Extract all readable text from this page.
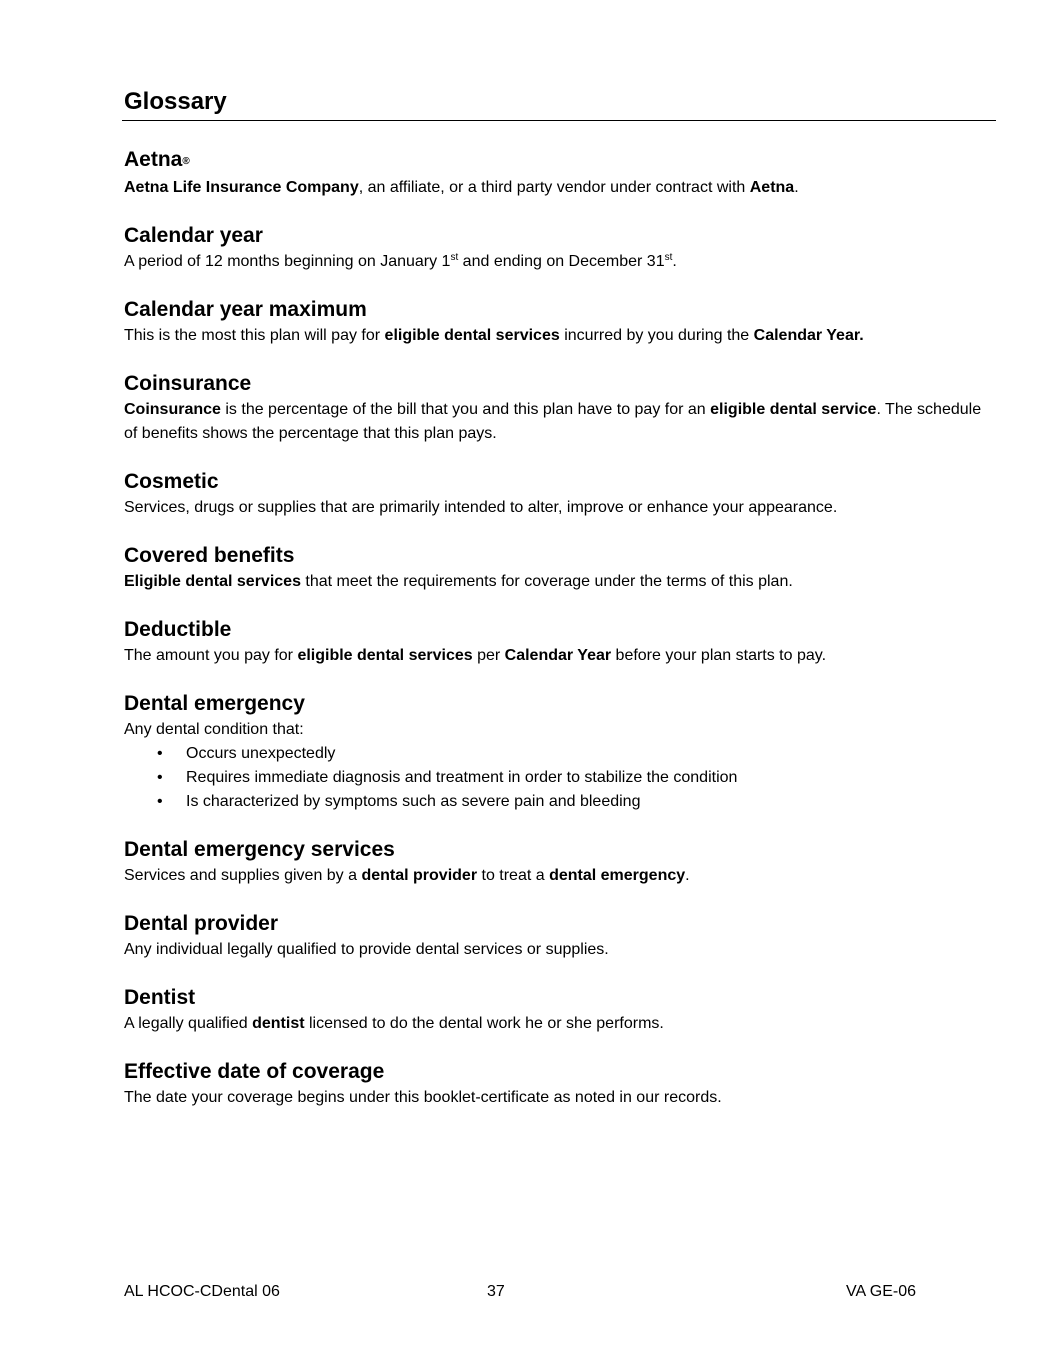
Glossary

Aetna®

Aetna Life Insurance Company, an affiliate, or a third party vendor under contract with Aetna.

Calendar year

A period of 12 months beginning on January 1st and ending on December 31st.

Calendar year maximum

This is the most this plan will pay for eligible dental services incurred by you during the Calendar Year.

Coinsurance

Coinsurance is the percentage of the bill that you and this plan have to pay for an eligible dental service. The schedule of benefits shows the percentage that this plan pays.

Cosmetic

Services, drugs or supplies that are primarily intended to alter, improve or enhance your appearance.

Covered benefits

Eligible dental services that meet the requirements for coverage under the terms of this plan.

Deductible

The amount you pay for eligible dental services per Calendar Year before your plan starts to pay.

Dental emergency

Any dental condition that:

• Occurs unexpectedly
• Requires immediate diagnosis and treatment in order to stabilize the condition
• Is characterized by symptoms such as severe pain and bleeding

Dental emergency services

Services and supplies given by a dental provider to treat a dental emergency.

Dental provider

Any individual legally qualified to provide dental services or supplies.

Dentist

A legally qualified dentist licensed to do the dental work he or she performs.

Effective date of coverage

The date your coverage begins under this booklet-certificate as noted in our records.

AL HCOC-CDental 06	37	VA GE-06
